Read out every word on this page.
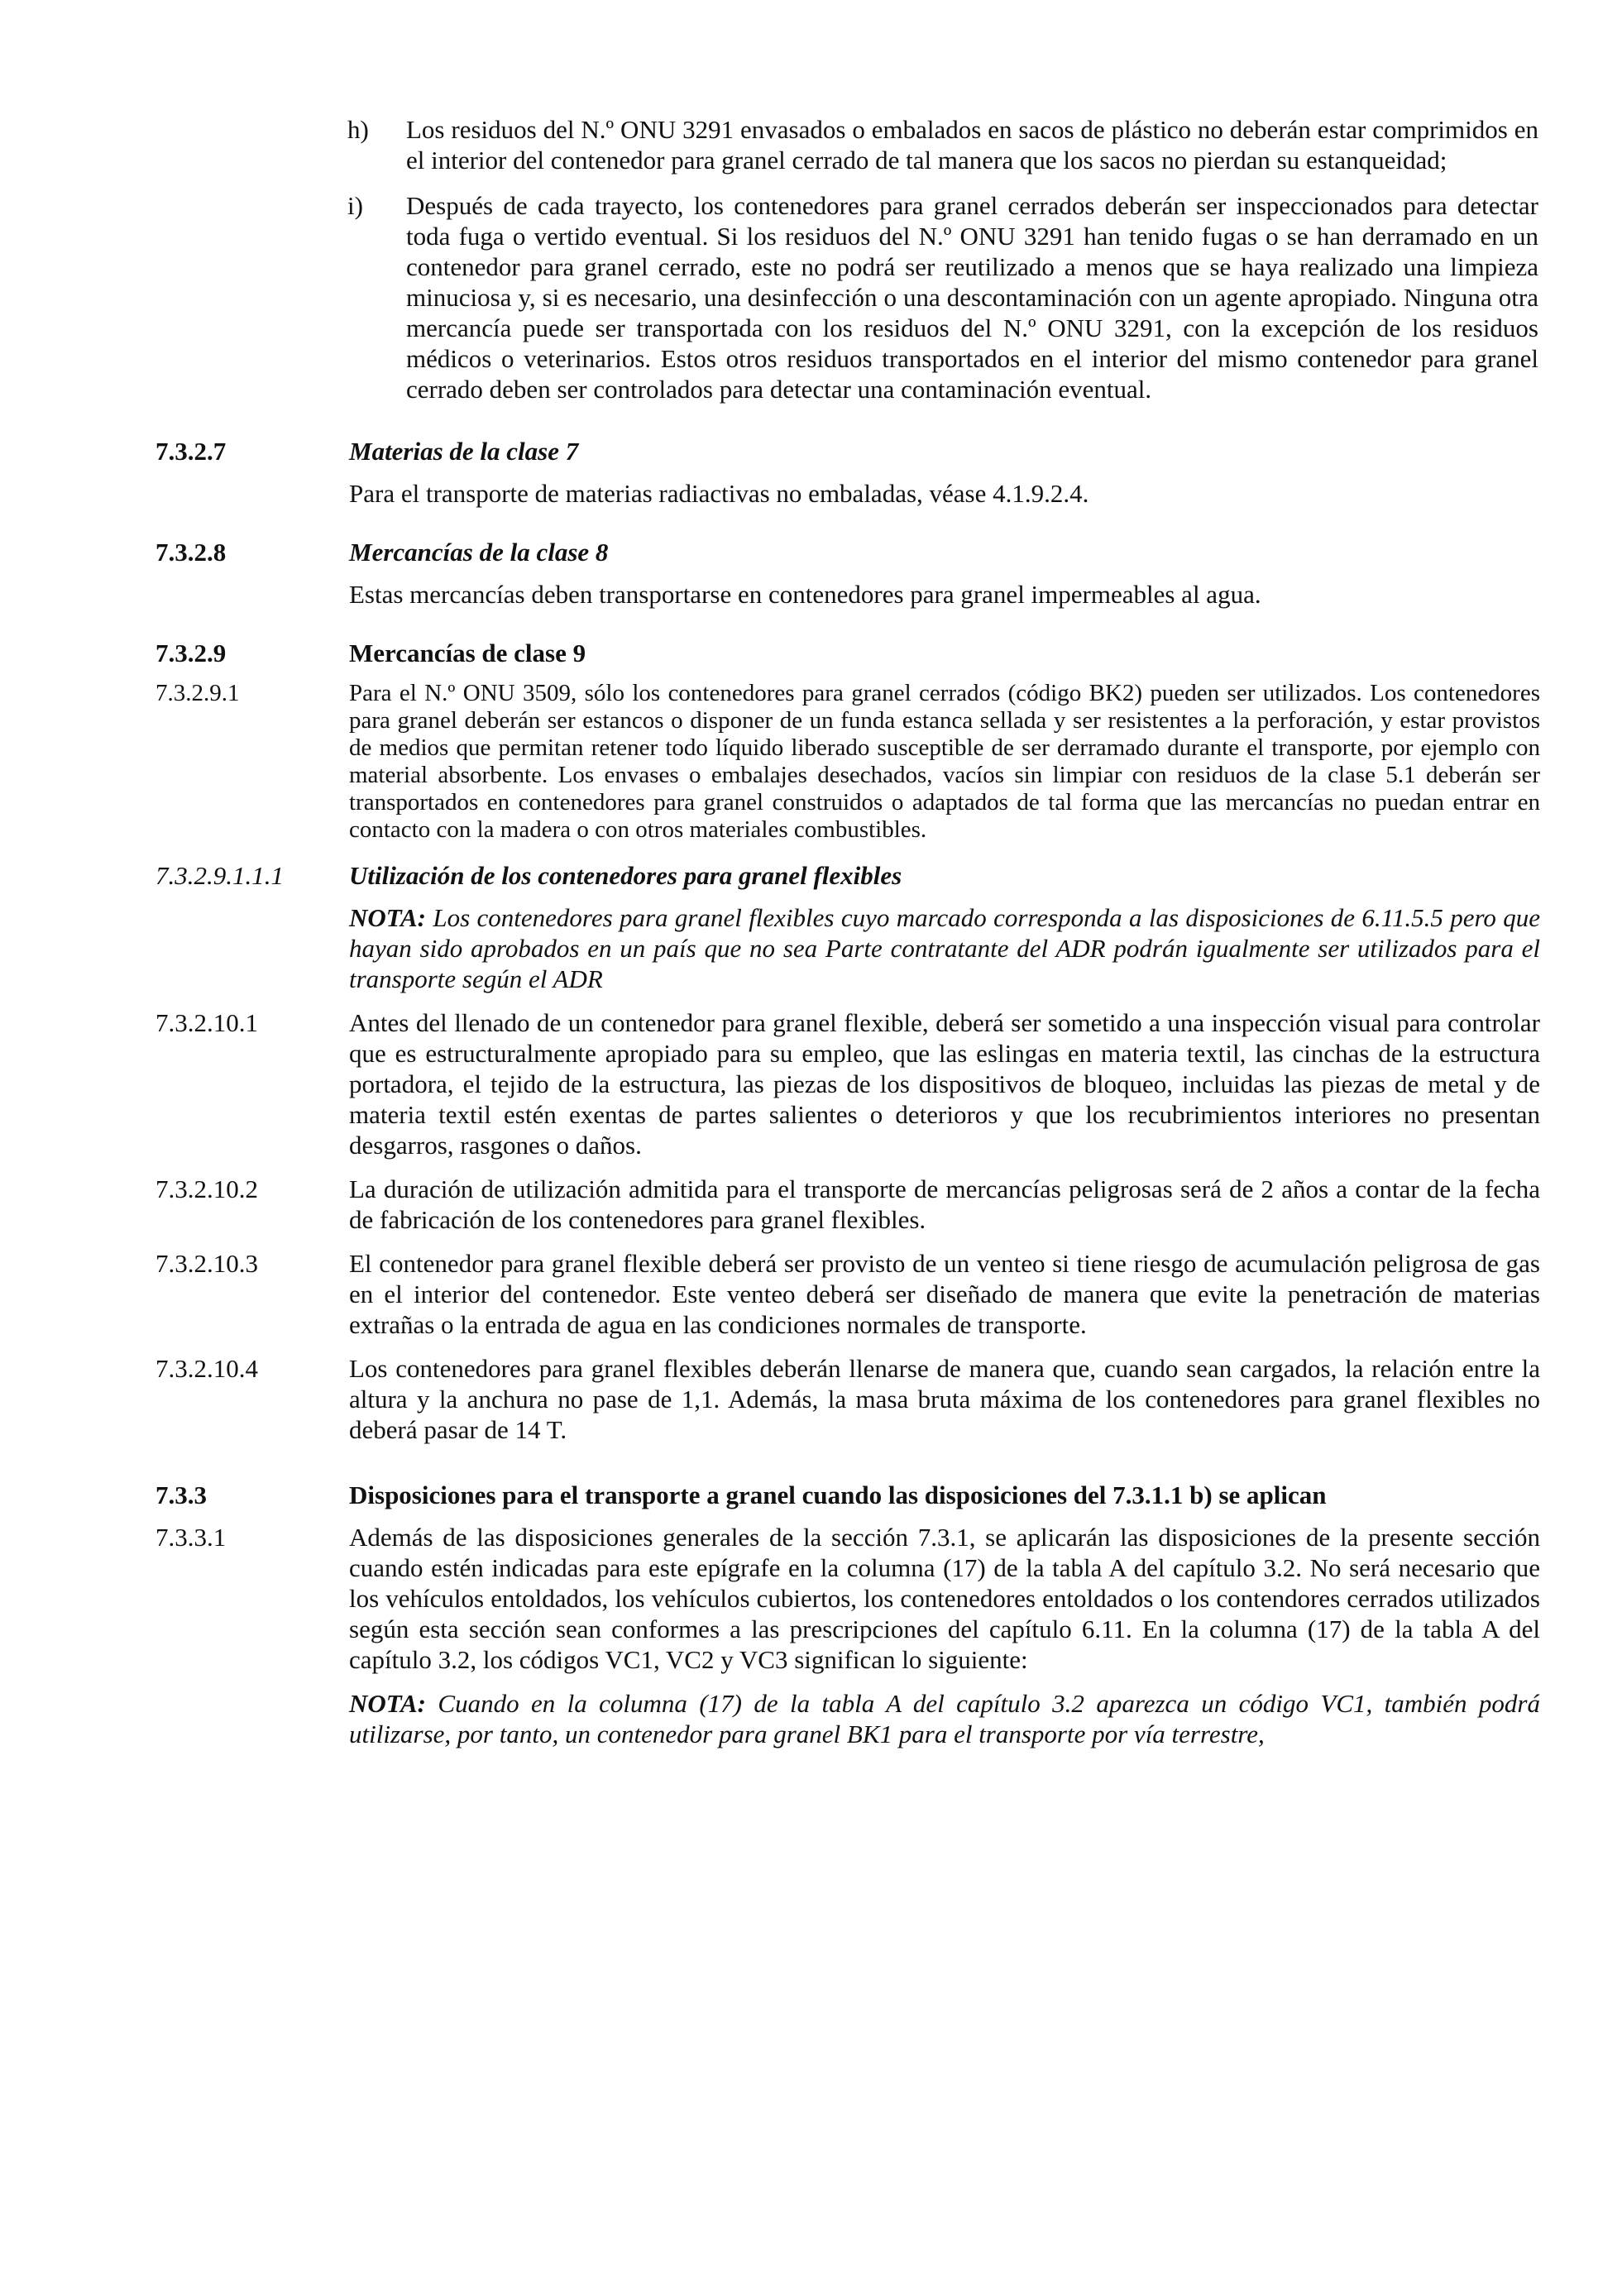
h)	Los residuos del N.º ONU 3291 envasados o embalados en sacos de plástico no deberán estar comprimidos en el interior del contenedor para granel cerrado de tal manera que los sacos no pierdan su estanqueidad;
i)	Después de cada trayecto, los contenedores para granel cerrados deberán ser inspeccionados para detectar toda fuga o vertido eventual. Si los residuos del N.º ONU 3291 han tenido fugas o se han derramado en un contenedor para granel cerrado, este no podrá ser reutilizado a menos que se haya realizado una limpieza minuciosa y, si es necesario, una desinfección o una descontaminación con un agente apropiado. Ninguna otra mercancía puede ser transportada con los residuos del N.º ONU 3291, con la excepción de los residuos médicos o veterinarios. Estos otros residuos transportados en el interior del mismo contenedor para granel cerrado deben ser controlados para detectar una contaminación eventual.
7.3.2.7	Materias de la clase 7
Para el transporte de materias radiactivas no embaladas, véase 4.1.9.2.4.
7.3.2.8	Mercancías de la clase 8
Estas mercancías deben transportarse en contenedores para granel impermeables al agua.
7.3.2.9	Mercancías de clase 9
7.3.2.9.1	Para el N.º ONU 3509, sólo los contenedores para granel cerrados (código BK2) pueden ser utilizados. Los contenedores para granel deberán ser estancos o disponer de un funda estanca sellada y ser resistentes a la perforación, y estar provistos de medios que permitan retener todo líquido liberado susceptible de ser derramado durante el transporte, por ejemplo con material absorbente. Los envases o embalajes desechados, vacíos sin limpiar con residuos de la clase 5.1 deberán ser transportados en contenedores para granel construidos o adaptados de tal forma que las mercancías no puedan entrar en contacto con la madera o con otros materiales combustibles.
7.3.2.9.1.1.1	Utilización de los contenedores para granel flexibles
NOTA: Los contenedores para granel flexibles cuyo marcado corresponda a las disposiciones de 6.11.5.5 pero que hayan sido aprobados en un país que no sea Parte contratante del ADR podrán igualmente ser utilizados para el transporte según el ADR
7.3.2.10.1	Antes del llenado de un contenedor para granel flexible, deberá ser sometido a una inspección visual para controlar que es estructuralmente apropiado para su empleo, que las eslingas en materia textil, las cinchas de la estructura portadora, el tejido de la estructura, las piezas de los dispositivos de bloqueo, incluidas las piezas de metal y de materia textil estén exentas de partes salientes o deterioros y que los recubrimientos interiores no presentan desgarros, rasgones o daños.
7.3.2.10.2	La duración de utilización admitida para el transporte de mercancías peligrosas será de 2 años a contar de la fecha de fabricación de los contenedores para granel flexibles.
7.3.2.10.3	El contenedor para granel flexible deberá ser provisto de un venteo si tiene riesgo de acumulación peligrosa de gas en el interior del contenedor. Este venteo deberá ser diseñado de manera que evite la penetración de materias extrañas o la entrada de agua en las condiciones normales de transporte.
7.3.2.10.4	Los contenedores para granel flexibles deberán llenarse de manera que, cuando sean cargados, la relación entre la altura y la anchura no pase de 1,1. Además, la masa bruta máxima de los contenedores para granel flexibles no deberá pasar de 14 T.
7.3.3	Disposiciones para el transporte a granel cuando las disposiciones del 7.3.1.1 b) se aplican
7.3.3.1	Además de las disposiciones generales de la sección 7.3.1, se aplicarán las disposiciones de la presente sección cuando estén indicadas para este epígrafe en la columna (17) de la tabla A del capítulo 3.2. No será necesario que los vehículos entoldados, los vehículos cubiertos, los contenedores entoldados o los contendores cerrados utilizados según esta sección sean conformes a las prescripciones del capítulo 6.11. En la columna (17) de la tabla A del capítulo 3.2, los códigos VC1, VC2 y VC3 significan lo siguiente:
NOTA: Cuando en la columna (17) de la tabla A del capítulo 3.2 aparezca un código VC1, también podrá utilizarse, por tanto, un contenedor para granel BK1 para el transporte por vía terrestre,
